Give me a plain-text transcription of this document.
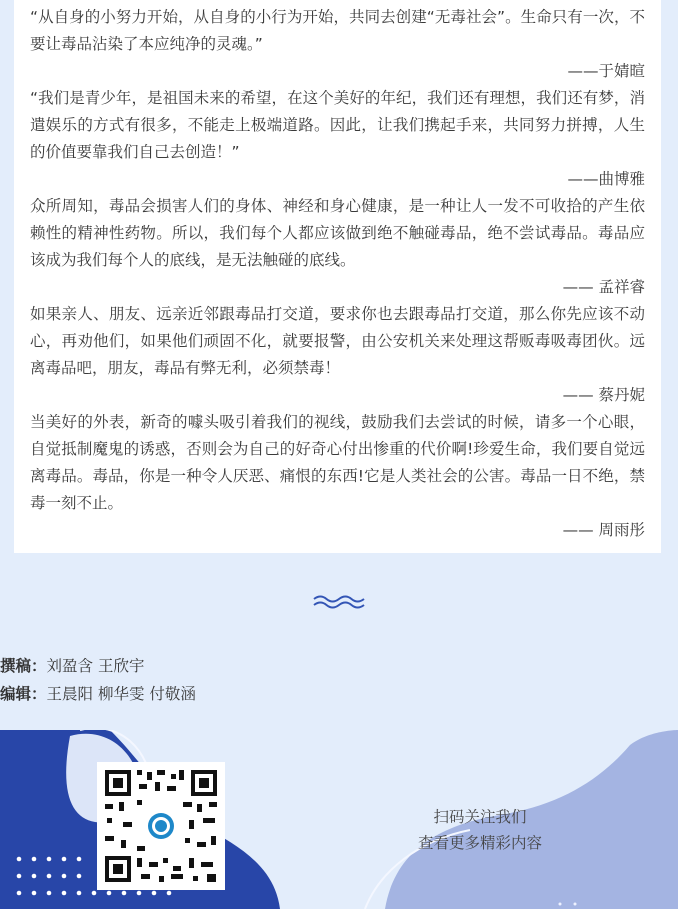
“从自身的小努力开始，从自身的小行为开始，共同去创建“无毒社会”。生命只有一次，不要让毒品沾染了本应纯净的灵魂。”

——于婧暄

“我们是青少年，是祖国未来的希望，在这个美好的年纪，我们还有理想，我们还有梦，消遣娱乐的方式有很多，不能走上极端道路。因此，让我们携起手来，共同努力拼搏，人生的价值要靠我们自己去创造！”

——曲博雅

众所周知，毒品会损害人们的身体、神经和身心健康，是一种让人一发不可收拾的产生依赖性的精神性药物。所以，我们每个人都应该做到绝不触碰毒品，绝不尝试毒品。毒品应该成为我们每个人的底线，是无法触碰的底线。

—— 孟祥睿

如果亲人、朋友、远亲近邻跟毒品打交道，要求你也去跟毒品打交道，那么你先应该不动心，再劝他们，如果他们顽固不化，就要报警，由公安机关来处理这帮贩毒吸毒团伙。远离毒品吧，朋友，毒品有弊无利，必须禁毒！

—— 蔡丹妮

当美好的外表，新奇的噱头吸引着我们的视线，鼓励我们去尝试的时候，请多一个心眼，自觉抵制魔鬼的诱惑，否则会为自己的好奇心付出惨重的代价啊!珍爱生命，我们要自觉远离毒品。毒品，你是一种令人厌恶、痛恨的东西!它是人类社会的公害。毒品一日不绝，禁毒一刻不止。

—— 周雨彤

撰稿：刘盈含 王欣宇
编辑：王晨阳 柳华雯 付敬涵
扫码关注我们
查看更多精彩内容
